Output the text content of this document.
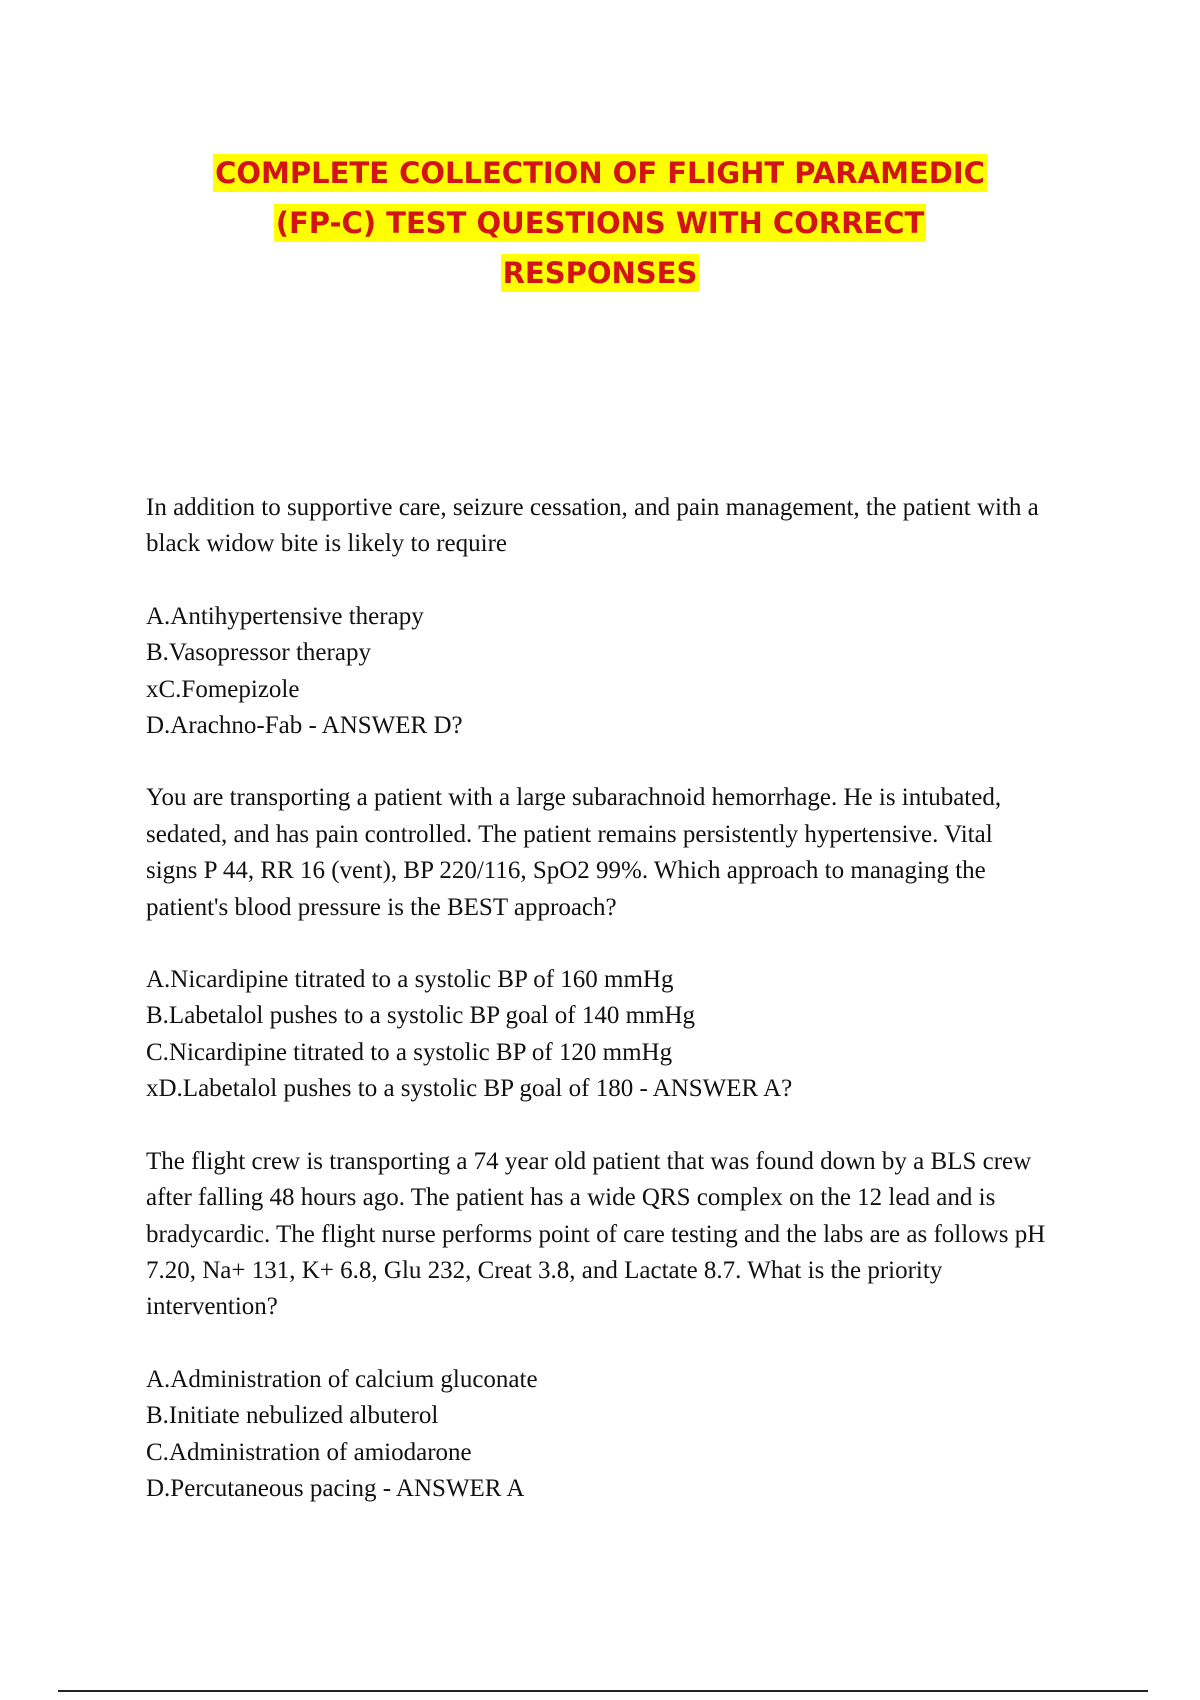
COMPLETE COLLECTION OF FLIGHT PARAMEDIC
(FP-C) TEST QUESTIONS WITH CORRECT
RESPONSES

In addition to supportive care, seizure cessation, and pain management, the patient with a black widow bite is likely to require

A.Antihypertensive therapy
B.Vasopressor therapy
xC.Fomepizole
D.Arachno-Fab - ANSWER D?

You are transporting a patient with a large subarachnoid hemorrhage. He is intubated, sedated, and has pain controlled. The patient remains persistently hypertensive. Vital signs P 44, RR 16 (vent), BP 220/116, SpO2 99%. Which approach to managing the patient's blood pressure is the BEST approach?

A.Nicardipine titrated to a systolic BP of 160 mmHg
B.Labetalol pushes to a systolic BP goal of 140 mmHg
C.Nicardipine titrated to a systolic BP of 120 mmHg
xD.Labetalol pushes to a systolic BP goal of 180 - ANSWER A?

The flight crew is transporting a 74 year old patient that was found down by a BLS crew after falling 48 hours ago. The patient has a wide QRS complex on the 12 lead and is bradycardic. The flight nurse performs point of care testing and the labs are as follows pH 7.20, Na+ 131, K+ 6.8, Glu 232, Creat 3.8, and Lactate 8.7. What is the priority intervention?

A.Administration of calcium gluconate
B.Initiate nebulized albuterol
C.Administration of amiodarone
D.Percutaneous pacing - ANSWER A
